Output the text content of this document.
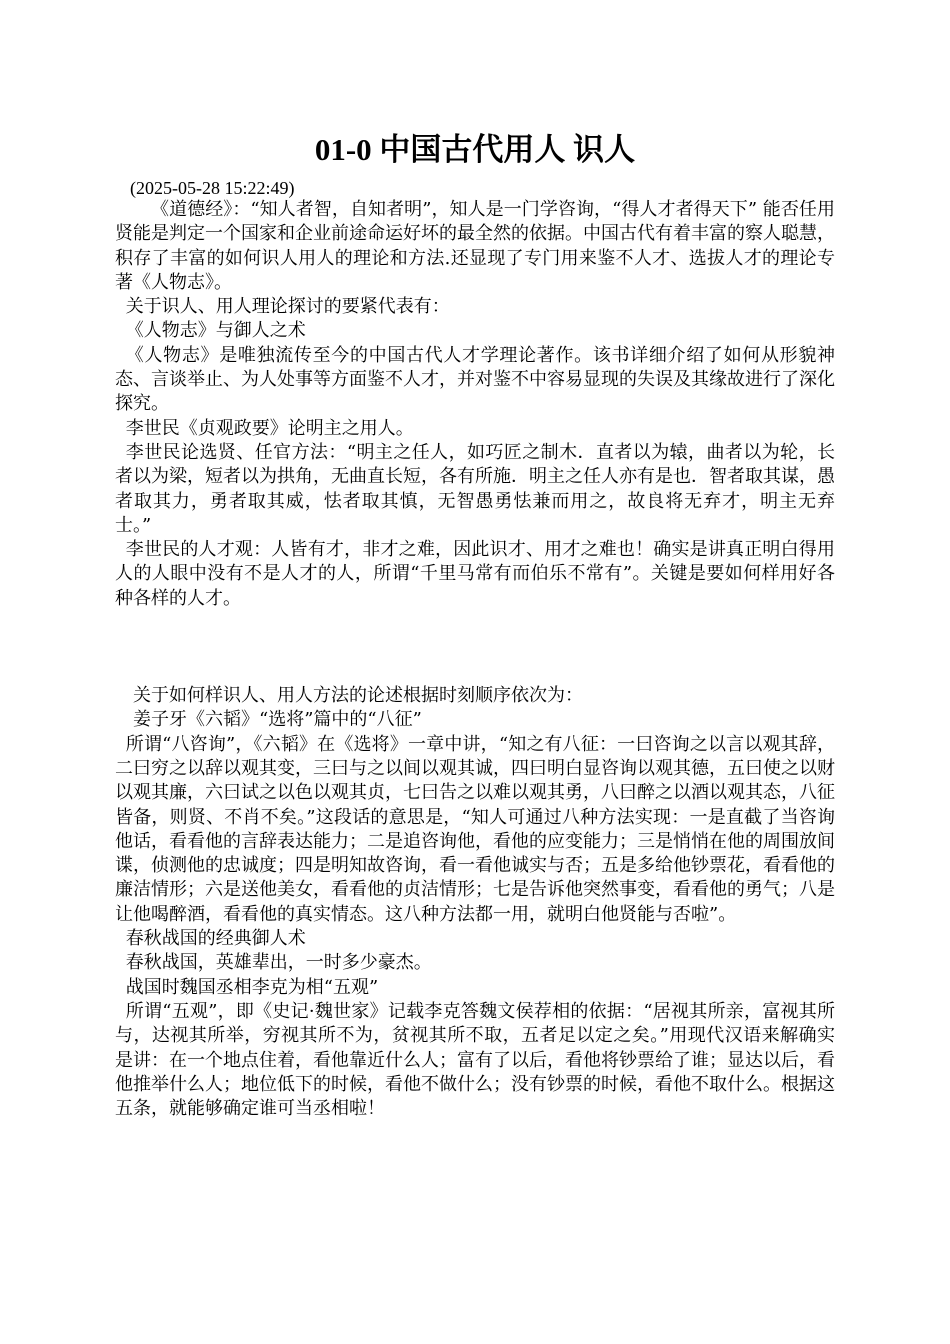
01-0 中国古代用人 识人

(2025-05-28 15:22:49)

《道德经》：“知人者智，自知者明”，知人是一门学咨询，“得人才者得天下” 能否任用贤能是判定一个国家和企业前途命运好坏的最全然的依据。中国古代有着丰富的察人聪慧，积存了丰富的如何识人用人的理论和方法.还显现了专门用来鉴不人才、选拔人才的理论专著《人物志》。

关于识人、用人理论探讨的要紧代表有：

《人物志》与御人之术

《人物志》是唯独流传至今的中国古代人才学理论著作。该书详细介绍了如何从形貌神态、言谈举止、为人处事等方面鉴不人才，并对鉴不中容易显现的失误及其缘故进行了深化探究。

李世民《贞观政要》论明主之用人。

李世民论选贤、任官方法：“明主之任人，如巧匠之制木．直者以为辕，曲者以为轮，长者以为梁，短者以为拱角，无曲直长短，各有所施．明主之任人亦有是也．智者取其谋，愚者取其力，勇者取其威，怯者取其慎，无智愚勇怯兼而用之，故良将无弃才，明主无弃士。”

李世民的人才观：人皆有才，非才之难，因此识才、用才之难也！确实是讲真正明白得用人的人眼中没有不是人才的人，所谓“千里马常有而伯乐不常有”。关键是要如何样用好各种各样的人才。

关于如何样识人、用人方法的论述根据时刻顺序依次为：

姜子牙《六韬》“选将”篇中的“八征”

所谓“八咨询”，《六韬》在《选将》一章中讲，“知之有八征：一曰咨询之以言以观其辞，二曰穷之以辞以观其变，三曰与之以间以观其诚，四曰明白显咨询以观其德，五曰使之以财以观其廉，六曰试之以色以观其贞，七曰告之以难以观其勇，八曰醉之以酒以观其态，八征皆备，则贤、不肖不矣。”这段话的意思是，“知人可通过八种方法实现：一是直截了当咨询他话，看看他的言辞表达能力；二是追咨询他，看他的应变能力；三是悄悄在他的周围放间谍，侦测他的忠诚度；四是明知故咨询，看一看他诚实与否；五是多给他钞票花，看看他的廉洁情形；六是送他美女，看看他的贞洁情形；七是告诉他突然事变，看看他的勇气；八是让他喝醉酒，看看他的真实情态。这八种方法都一用，就明白他贤能与否啦”。

春秋战国的经典御人术

春秋战国，英雄辈出，一时多少豪杰。

战国时魏国丞相李克为相“五观”

所谓“五观”，即《史记·魏世家》记载李克答魏文侯荐相的依据：“居视其所亲，富视其所与，达视其所举，穷视其所不为，贫视其所不取，五者足以定之矣。”用现代汉语来解确实是讲：在一个地点住着，看他靠近什么人；富有了以后，看他将钞票给了谁；显达以后，看他推举什么人；地位低下的时候，看他不做什么；没有钞票的时候，看他不取什么。根据这五条，就能够确定谁可当丞相啦！
